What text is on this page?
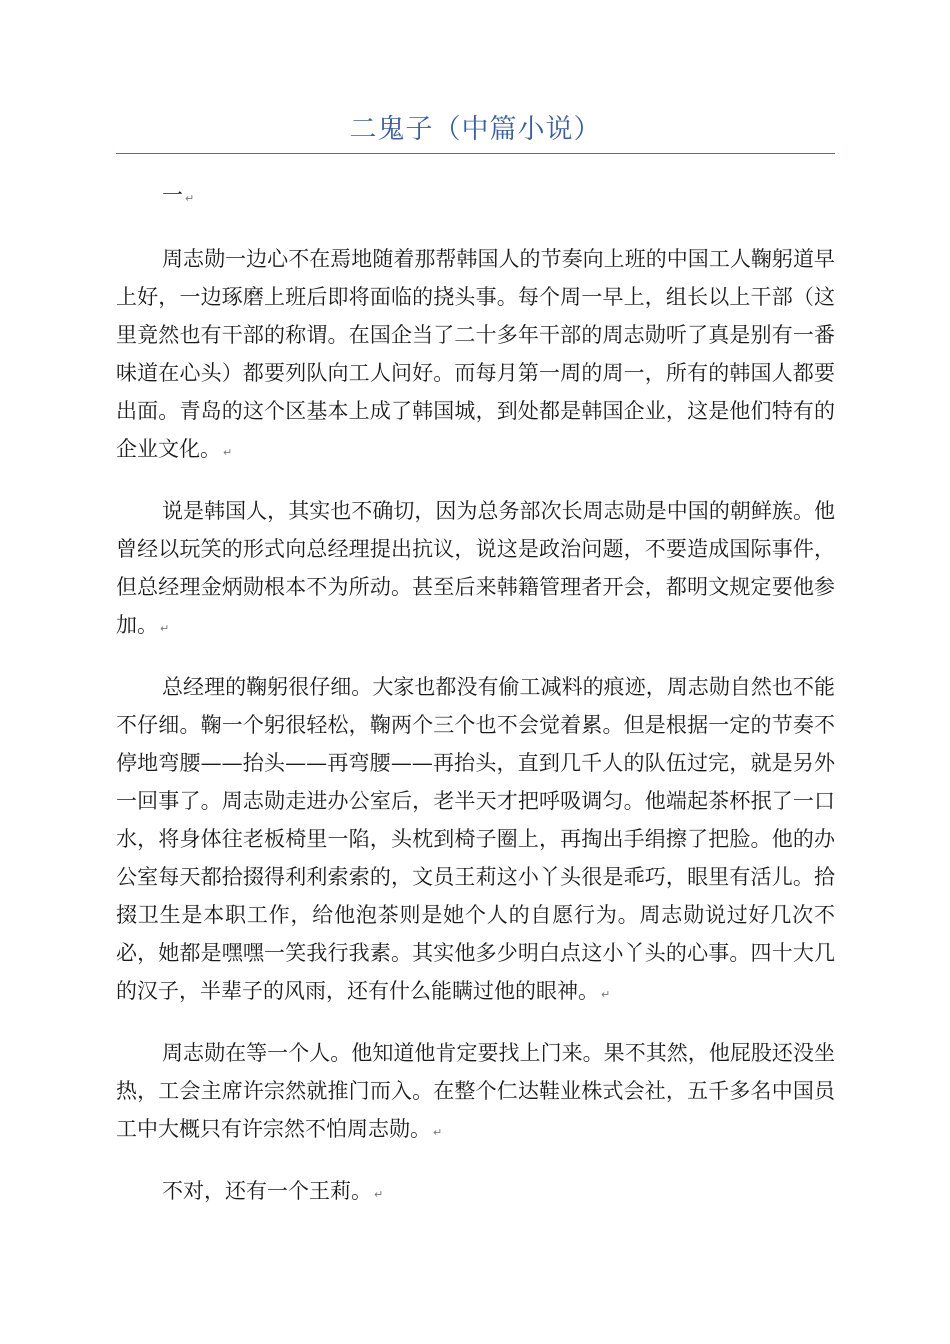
二鬼子（中篇小说）

一 ↵

周志勋一边心不在焉地随着那帮韩国人的节奏向上班的中国工人鞠躬道早上好，一边琢磨上班后即将面临的挠头事。每个周一早上，组长以上干部（这里竟然也有干部的称谓。在国企当了二十多年干部的周志勋听了真是别有一番味道在心头）都要列队向工人问好。而每月第一周的周一，所有的韩国人都要出面。青岛的这个区基本上成了韩国城，到处都是韩国企业，这是他们特有的企业文化。 ↵

说是韩国人，其实也不确切，因为总务部次长周志勋是中国的朝鲜族。他曾经以玩笑的形式向总经理提出抗议，说这是政治问题，不要造成国际事件，但总经理金炳勋根本不为所动。甚至后来韩籍管理者开会，都明文规定要他参加。 ↵

总经理的鞠躬很仔细。大家也都没有偷工减料的痕迹，周志勋自然也不能不仔细。鞠一个躬很轻松，鞠两个三个也不会觉着累。但是根据一定的节奏不停地弯腰——抬头——再弯腰——再抬头，直到几千人的队伍过完，就是另外一回事了。周志勋走进办公室后，老半天才把呼吸调匀。他端起茶杯抿了一口水，将身体往老板椅里一陷，头枕到椅子圈上，再掏出手绢擦了把脸。他的办公室每天都拾掇得利利索索的，文员王莉这小丫头很是乖巧，眼里有活儿。拾掇卫生是本职工作，给他泡茶则是她个人的自愿行为。周志勋说过好几次不必，她都是嘿嘿一笑我行我素。其实他多少明白点这小丫头的心事。四十大几的汉子，半辈子的风雨，还有什么能瞒过他的眼神。 ↵

周志勋在等一个人。他知道他肯定要找上门来。果不其然，他屁股还没坐热，工会主席许宗然就推门而入。在整个仁达鞋业株式会社，五千多名中国员工中大概只有许宗然不怕周志勋。 ↵

不对，还有一个王莉。 ↵
